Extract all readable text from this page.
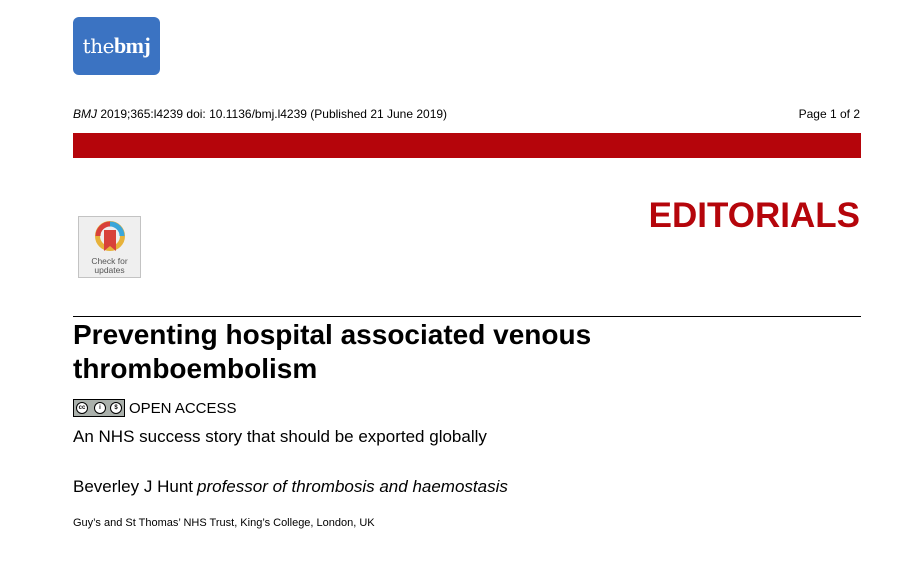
thebmj
BMJ 2019;365:l4239 doi: 10.1136/bmj.l4239 (Published 21 June 2019)	Page 1 of 2
Check for
updates
EDITORIALS
Preventing hospital associated venous thromboembolism
cc	i	$ OPEN ACCESS
An NHS success story that should be exported globally
Beverley J Hunt professor of thrombosis and haemostasis
Guy’s and St Thomas’ NHS Trust, King’s College, London, UK
